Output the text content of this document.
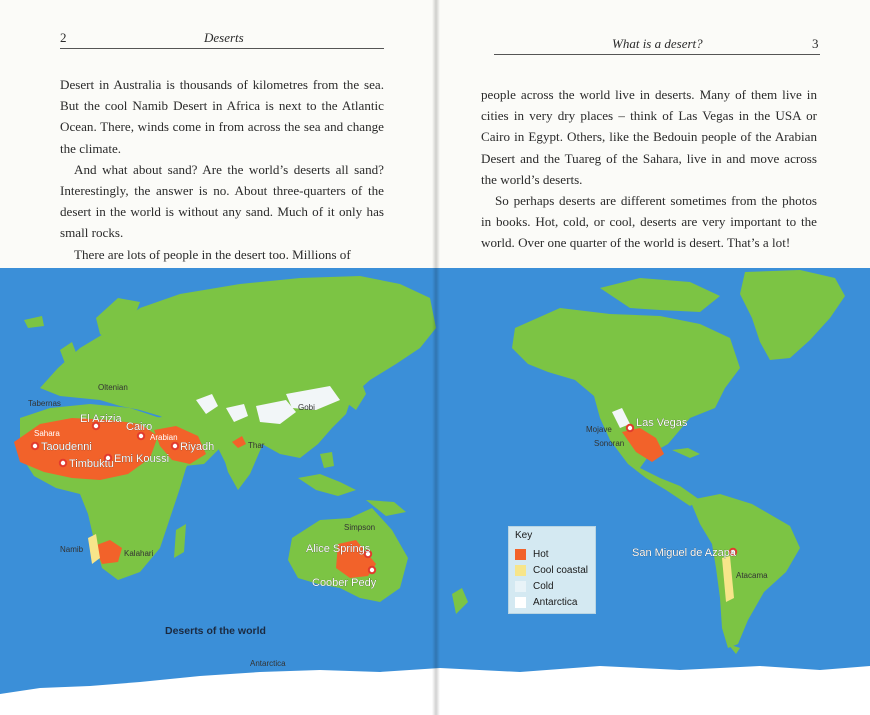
2	Deserts

Desert in Australia is thousands of kilometres from the sea. But the cool Namib Desert in Africa is next to the Atlantic Ocean. There, winds come in from across the sea and change the climate.

And what about sand? Are the world’s deserts all sand? Interestingly, the answer is no. About three-quarters of the desert in the world is without any sand. Much of it only has small rocks.

There are lots of people in the desert too. Millions of

What is a desert?	3

people across the world live in deserts. Many of them live in cities in very dry places – think of Las Vegas in the USA or Cairo in Egypt. Others, like the Bedouin people of the Arabian Desert and the Tuareg of the Sahara, live in and move across the world’s deserts.

So perhaps deserts are different sometimes from the photos in books. Hot, cold, or cool, deserts are very important to the world. Over one quarter of the world is desert. That’s a lot!

Oltenian
Tabernas
Sahara	Arabian
Thar
Gobi
Namib	Kalahari
Simpson
Mojave
Sonoran
Atacama
Antarctica
El Azizia
Cairo
Taoudenni
Emi Koussi
Timbuktu
Riyadh
Alice Springs
Coober Pedy
Las Vegas
San Miguel de Azapa
Deserts of the world
Key
Hot
Cool coastal
Cold
Antarctica
